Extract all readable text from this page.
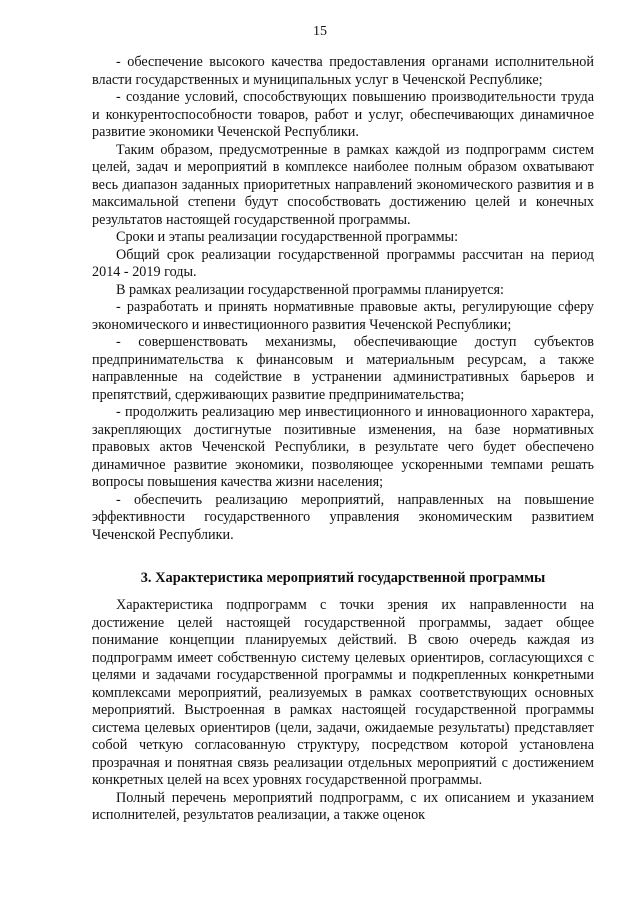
15

- обеспечение высокого качества предоставления органами исполнительной власти государственных и муниципальных услуг в Чеченской Республике;

- создание условий, способствующих повышению производительности труда и конкурентоспособности товаров, работ и услуг, обеспечивающих динамичное развитие экономики Чеченской Республики.

Таким образом, предусмотренные в рамках каждой из подпрограмм систем целей, задач и мероприятий в комплексе наиболее полным образом охватывают весь диапазон заданных приоритетных направлений экономического развития и в максимальной степени будут способствовать достижению целей и конечных результатов настоящей государственной программы.

Сроки и этапы реализации государственной программы:

Общий срок реализации государственной программы рассчитан на период 2014 - 2019 годы.

В рамках реализации государственной программы планируется:

- разработать и принять нормативные правовые акты, регулирующие сферу экономического и инвестиционного развития Чеченской Республики;

- совершенствовать механизмы, обеспечивающие доступ субъектов предпринимательства к финансовым и материальным ресурсам, а также направленные на содействие в устранении административных барьеров и препятствий, сдерживающих развитие предпринимательства;

- продолжить реализацию мер инвестиционного и инновационного характера, закрепляющих достигнутые позитивные изменения, на базе нормативных правовых актов Чеченской Республики, в результате чего будет обеспечено динамичное развитие экономики, позволяющее ускоренными темпами решать вопросы повышения качества жизни населения;

- обеспечить реализацию мероприятий, направленных на повышение эффективности государственного управления экономическим развитием Чеченской Республики.

3. Характеристика мероприятий государственной программы

Характеристика подпрограмм с точки зрения их направленности на достижение целей настоящей государственной программы, задает общее понимание концепции планируемых действий. В свою очередь каждая из подпрограмм имеет собственную систему целевых ориентиров, согласующихся с целями и задачами государственной программы и подкрепленных конкретными комплексами мероприятий, реализуемых в рамках соответствующих основных мероприятий. Выстроенная в рамках настоящей государственной программы система целевых ориентиров (цели, задачи, ожидаемые результаты) представляет собой четкую согласованную структуру, посредством которой установлена прозрачная и понятная связь реализации отдельных мероприятий с достижением конкретных целей на всех уровнях государственной программы.

Полный перечень мероприятий подпрограмм, с их описанием и указанием исполнителей, результатов реализации, а также оценок
